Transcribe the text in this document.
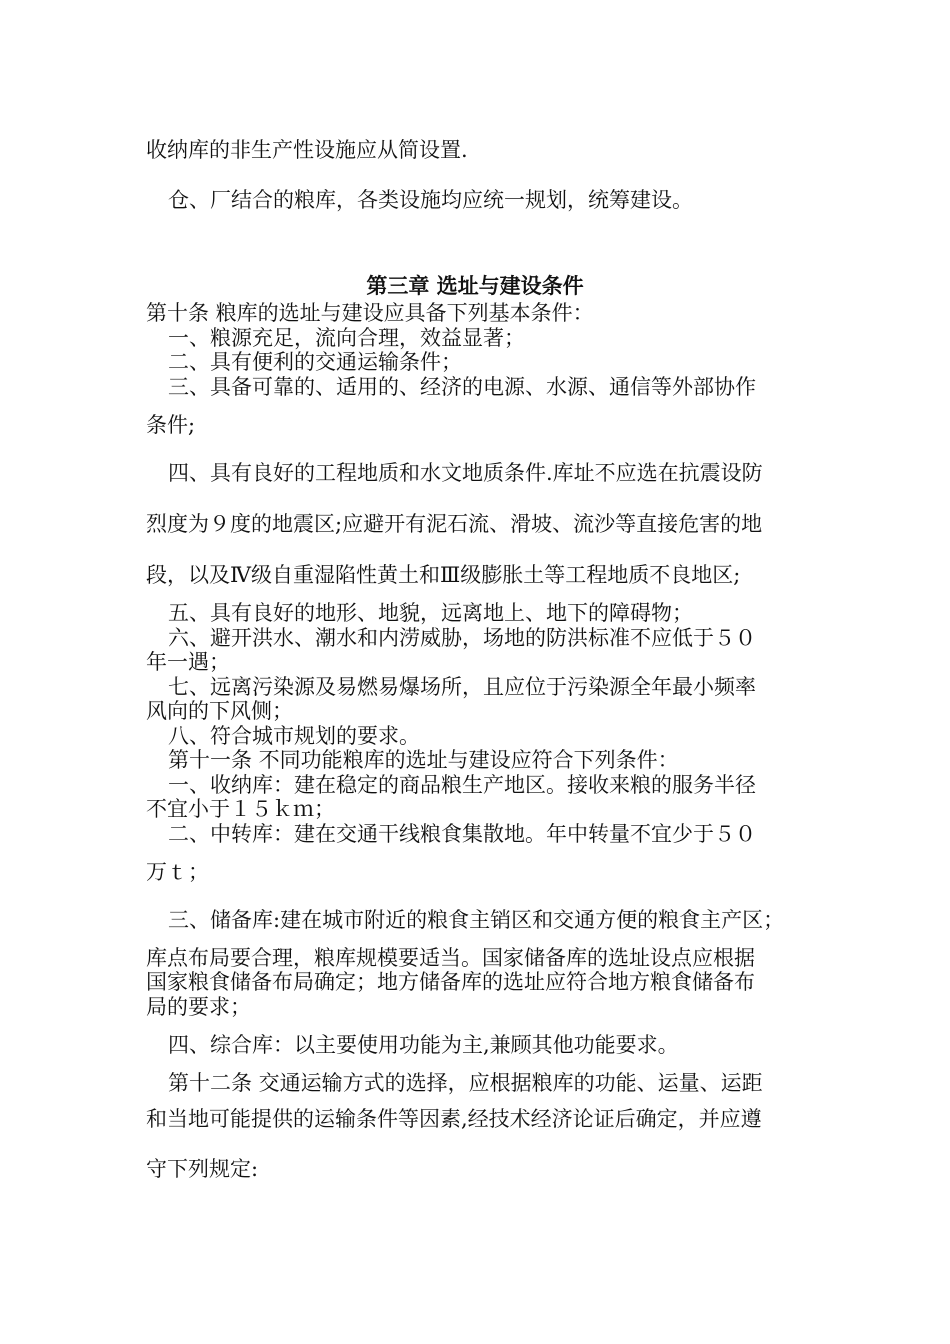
收纳库的非生产性设施应从简设置.

仓、厂结合的粮库，各类设施均应统一规划，统筹建设。

第三章 选址与建设条件

第十条 粮库的选址与建设应具备下列基本条件：

一、粮源充足，流向合理，效益显著；

二、具有便利的交通运输条件；

三、具备可靠的、适用的、经济的电源、水源、通信等外部协作

条件;

四、具有良好的工程地质和水文地质条件.库址不应选在抗震设防

烈度为９度的地震区;应避开有泥石流、滑坡、流沙等直接危害的地

段，以及Ⅳ级自重湿陷性黄土和Ⅲ级膨胀土等工程地质不良地区;

五、具有良好的地形、地貌，远离地上、地下的障碍物；

六、避开洪水、潮水和内涝威胁，场地的防洪标准不应低于５０

年一遇；

七、远离污染源及易燃易爆场所，且应位于污染源全年最小频率

风向的下风侧；

八、符合城市规划的要求。

第十一条 不同功能粮库的选址与建设应符合下列条件：

一、收纳库：建在稳定的商品粮生产地区。接收来粮的服务半径

不宜小于１５ｋｍ；

二、中转库：建在交通干线粮食集散地。年中转量不宜少于５０

万ｔ；

三、储备库:建在城市附近的粮食主销区和交通方便的粮食主产区；

库点布局要合理，粮库规模要适当。国家储备库的选址设点应根据

国家粮食储备布局确定；地方储备库的选址应符合地方粮食储备布

局的要求；

四、综合库：以主要使用功能为主,兼顾其他功能要求。

第十二条 交通运输方式的选择，应根据粮库的功能、运量、运距

和当地可能提供的运输条件等因素,经技术经济论证后确定，并应遵

守下列规定:
